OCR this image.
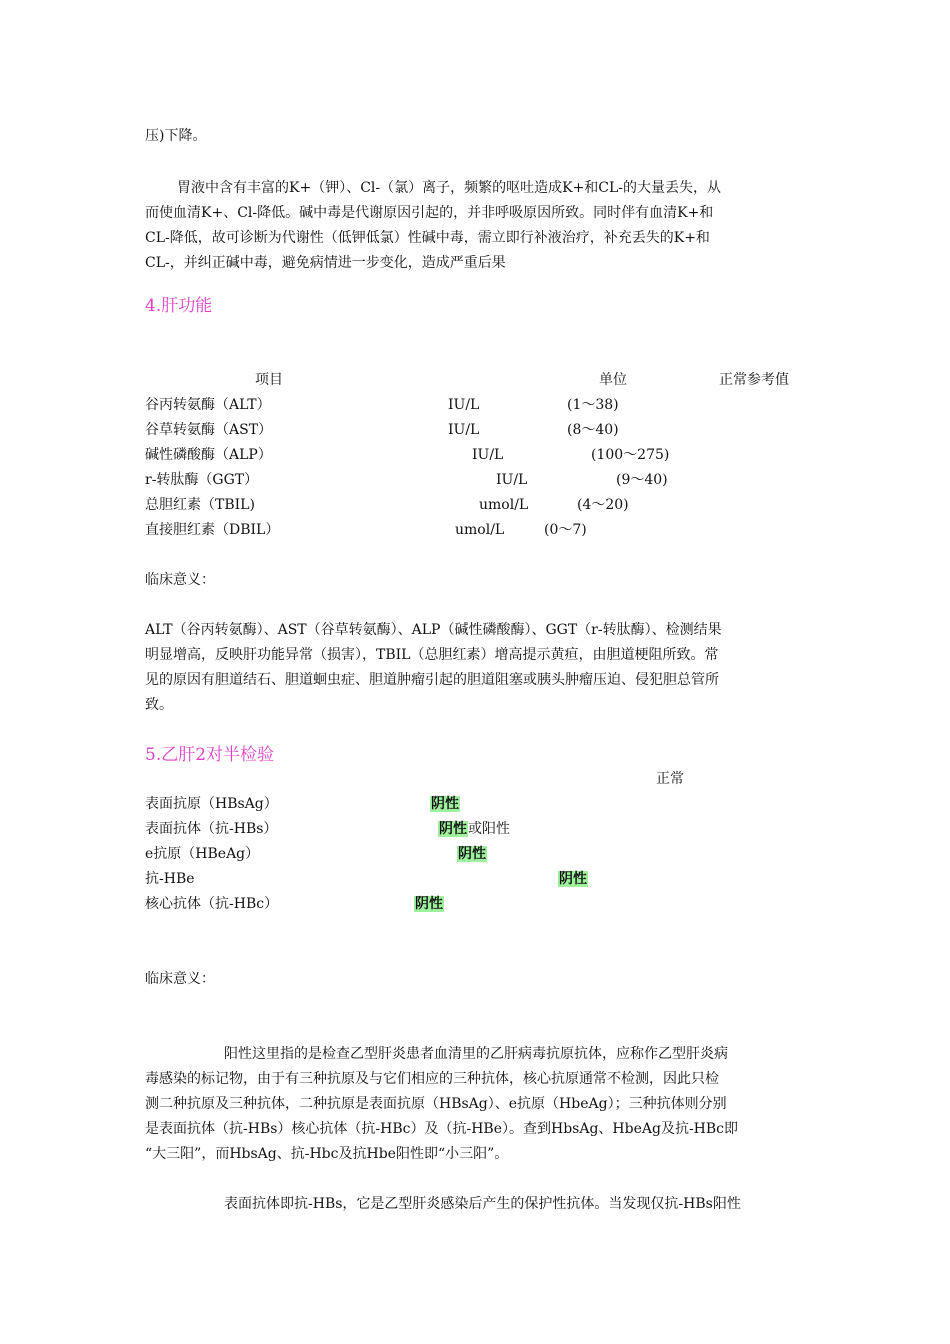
压)下降。

胃液中含有丰富的K+（钾）、Cl-（氯）离子，频繁的呕吐造成K+和CL-的大量丢失，从

而使血清K+、Cl-降低。碱中毒是代谢原因引起的，并非呼吸原因所致。同时伴有血清K+和

CL-降低，故可诊断为代谢性（低钾低氯）性碱中毒，需立即行补液治疗，补充丢失的K+和

CL-，并纠正碱中毒，避免病情进一步变化，造成严重后果

4.肝功能

项目	单位	正常参考值

谷丙转氨酶（ALT）	IU/L	(1～38)

谷草转氨酶（AST）	IU/L	(8～40)

碱性磷酸酶（ALP）	IU/L	(100～275)

r-转肽酶（GGT）	IU/L	(9～40)

总胆红素（TBIL)	umol/L	(4～20)

直接胆红素（DBIL）	umol/L	(0～7)

临床意义：

ALT（谷丙转氨酶）、AST（谷草转氨酶）、ALP（碱性磷酸酶）、GGT（r-转肽酶）、检测结果

明显增高，反映肝功能异常（损害），TBIL（总胆红素）增高提示黄疸，由胆道梗阻所致。常

见的原因有胆道结石、胆道蛔虫症、胆道肿瘤引起的胆道阻塞或胰头肿瘤压迫、侵犯胆总管所

致。

5.乙肝2对半检验

正常

表面抗原（HBsAg）	阴性

表面抗体（抗-HBs）	阴性或阳性

e抗原（HBeAg）	阴性

抗-HBe	阴性

核心抗体（抗-HBc）	阴性

临床意义：

阳性这里指的是检查乙型肝炎患者血清里的乙肝病毒抗原抗体，应称作乙型肝炎病

毒感染的标记物，由于有三种抗原及与它们相应的三种抗体，核心抗原通常不检测，因此只检

测二种抗原及三种抗体，二种抗原是表面抗原（HBsAg）、e抗原（HbeAg）；三种抗体则分别

是表面抗体（抗-HBs）核心抗体（抗-HBc）及（抗-HBe）。查到HbsAg、HbeAg及抗-HBc即

“大三阳”，而HbsAg、抗-Hbc及抗Hbe阳性即“小三阳”。

表面抗体即抗-HBs，它是乙型肝炎感染后产生的保护性抗体。当发现仅抗-HBs阳性
